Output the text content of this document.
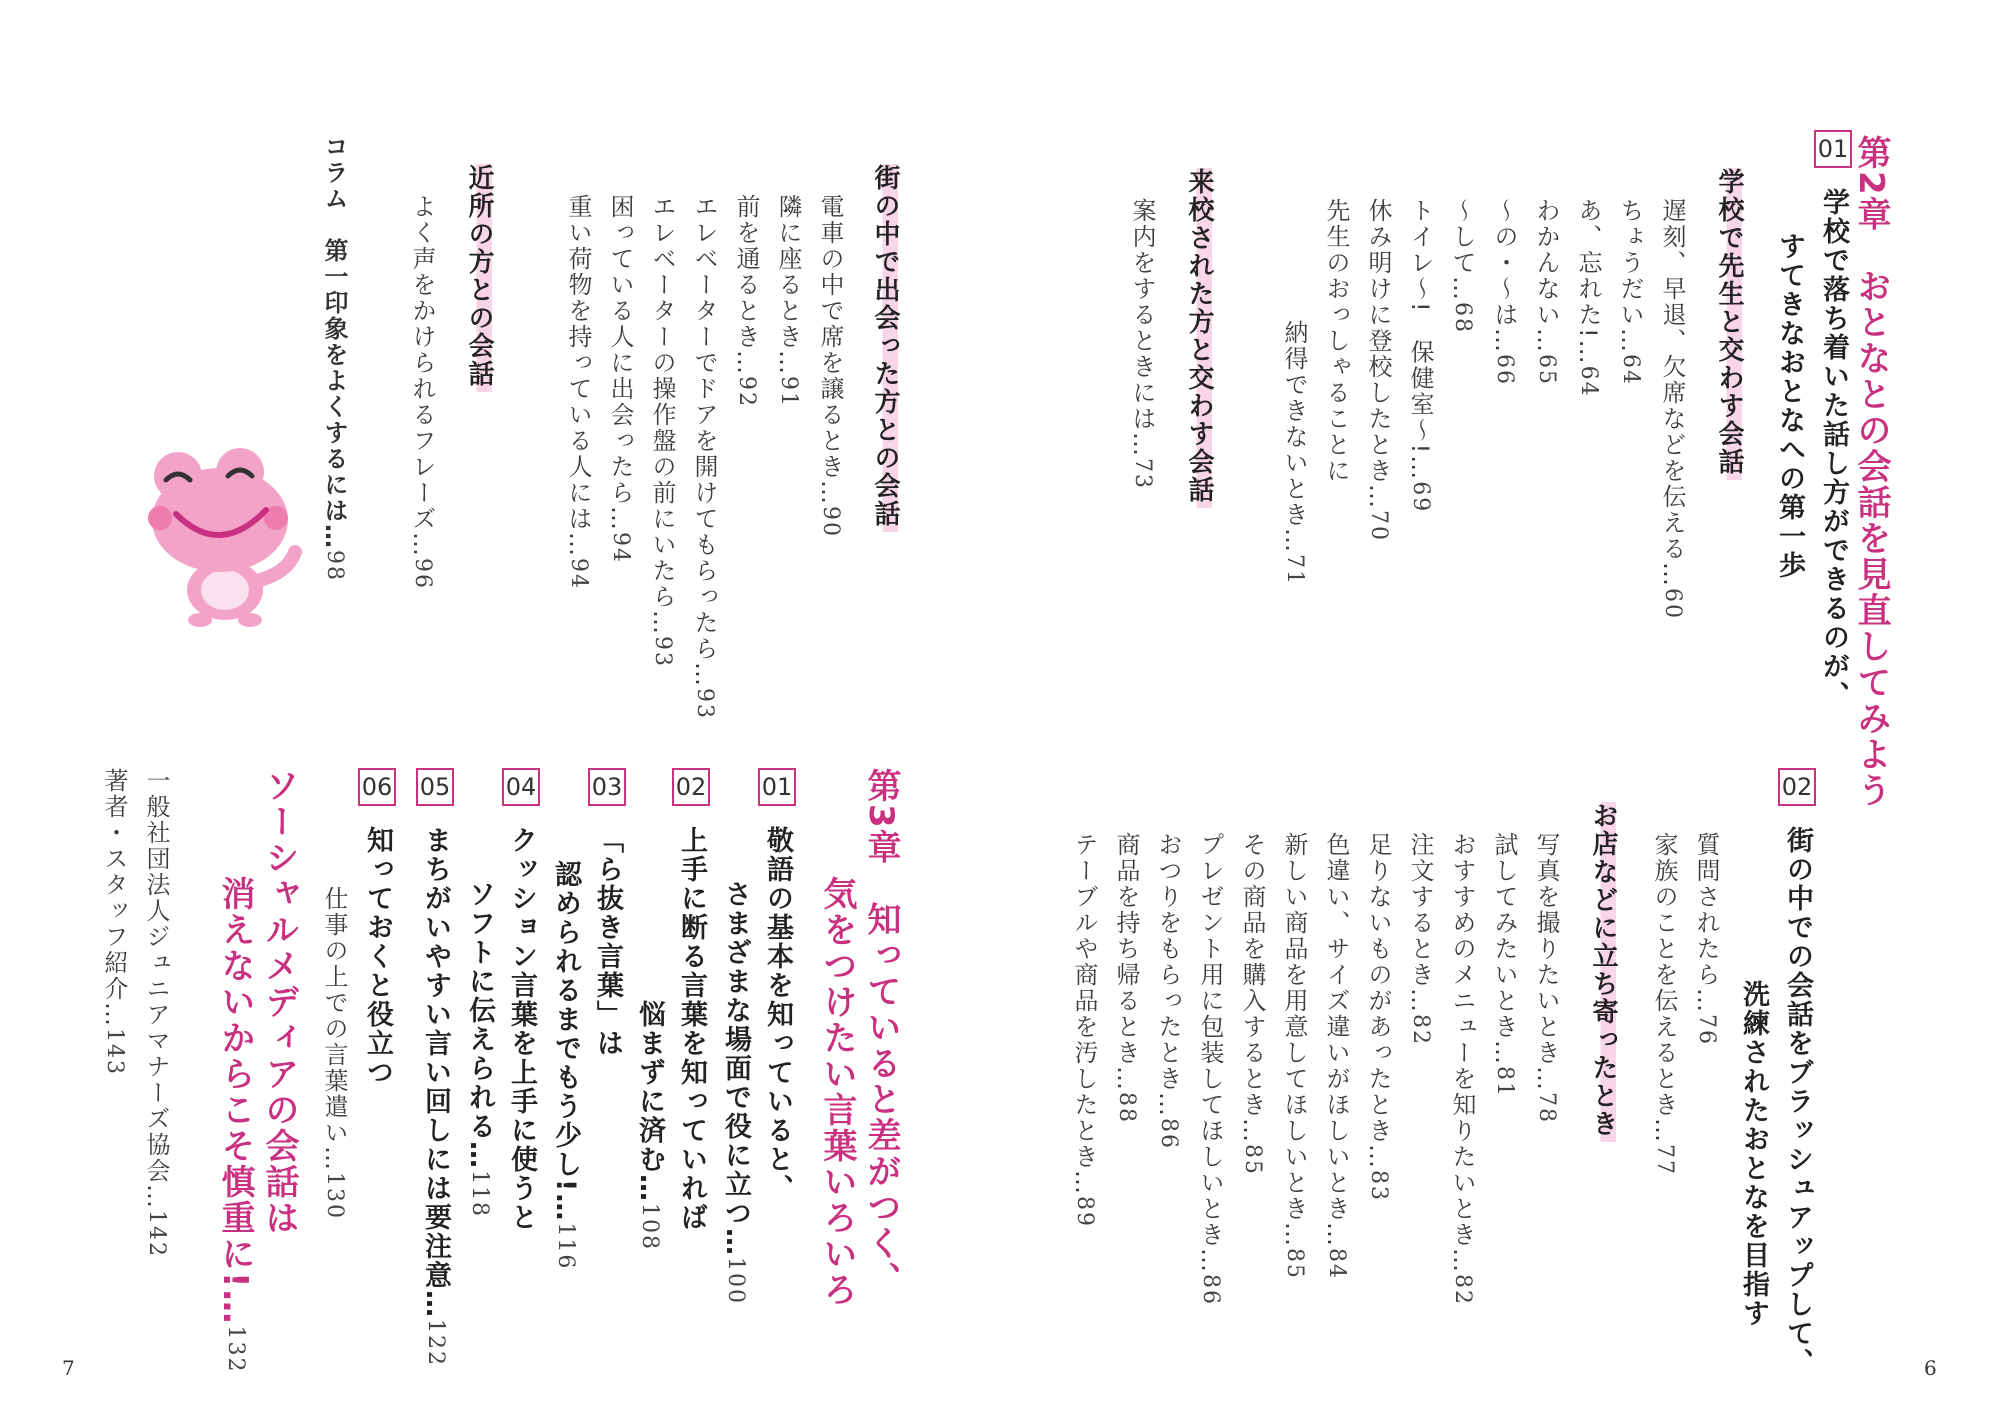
第2章　おとなとの会話を見直してみよう
01
学校で落ち着いた話し方ができるのが、
すてきなおとなへの第一歩
学校で先生と交わす会話
遅刻、早退、欠席などを伝える…60
ちょうだい…64
あ、忘れた!…64
わかんない…65
〜の・〜は…66
〜して…68
トイレ〜!　保健室〜!…69
休み明けに登校したとき…70
先生のおっしゃることに
納得できないとき…71
来校された方と交わす会話
案内をするときには…73
街の中で出会った方との会話
電車の中で席を譲るとき…90
隣に座るとき…91
前を通るとき…92
エレベーターでドアを開けてもらったら…93
エレベーターの操作盤の前にいたら…93
困っている人に出会ったら…94
重い荷物を持っている人には…94
近所の方との会話
よく声をかけられるフレーズ…96
コラム　第一印象をよくするには…98
02
街の中での会話をブラッシュアップして、
洗練されたおとなを目指す
質問されたら…76
家族のことを伝えるとき…77
お店などに立ち寄ったとき
写真を撮りたいとき…78
試してみたいとき…81
おすすめのメニューを知りたいとき…82
注文するとき…82
足りないものがあったとき…83
色違い、サイズ違いがほしいとき…84
新しい商品を用意してほしいとき…85
その商品を購入するとき…85
プレゼント用に包装してほしいとき…86
おつりをもらったとき…86
商品を持ち帰るとき…88
テーブルや商品を汚したとき…89
第3章　知っていると差がつく、
気をつけたい言葉いろいろ
01
敬語の基本を知っていると、
さまざまな場面で役に立つ…100
02
上手に断る言葉を知っていれば
悩まずに済む…108
03
「ら抜き言葉」は
認められるまでもう少し!…116
04
クッション言葉を上手に使うと
ソフトに伝えられる…118
05
まちがいやすい言い回しには要注意…122
06
知っておくと役立つ
仕事の上での言葉遣い…130
ソーシャルメディアの会話は
消えないからこそ慎重に!…132
一般社団法人ジュニアマナーズ協会…142
著者・スタッフ紹介…143
7	6
